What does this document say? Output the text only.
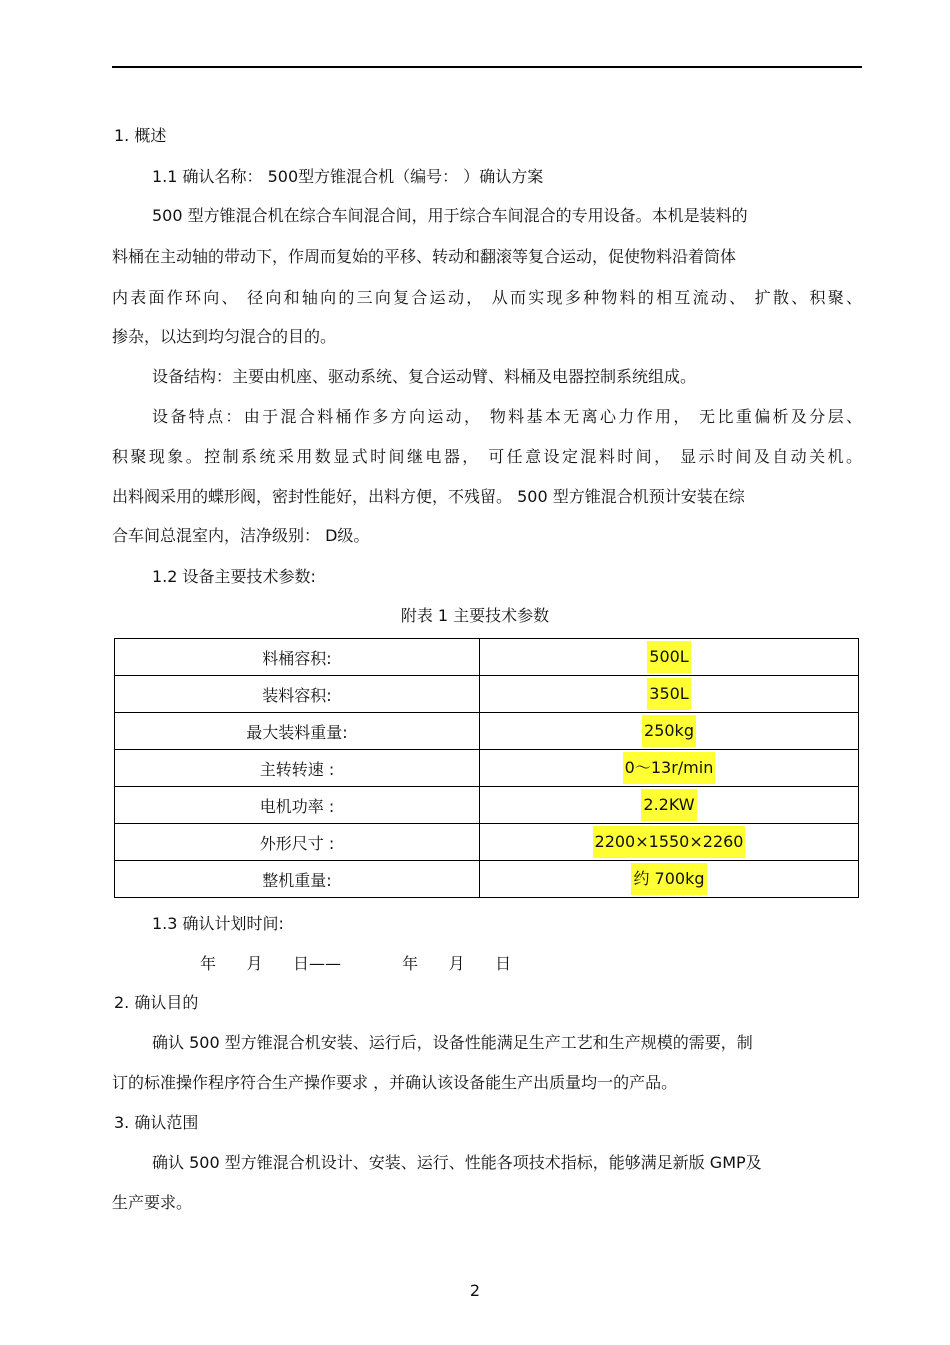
1. 概述
1.1 确认名称： 500型方锥混合机（编号： ）确认方案
500 型方锥混合机在综合车间混合间，用于综合车间混合的专用设备。本机是装料的
料桶在主动轴的带动下，作周而复始的平移、转动和翻滚等复合运动，促使物料沿着筒体
内表面作环向、 径向和轴向的三向复合运动， 从而实现多种物料的相互流动、 扩散、积聚、
掺杂，以达到均匀混合的目的。
设备结构：主要由机座、驱动系统、复合运动臂、料桶及电器控制系统组成。
设备特点：由于混合料桶作多方向运动， 物料基本无离心力作用， 无比重偏析及分层、
积聚现象。控制系统采用数显式时间继电器， 可任意设定混料时间， 显示时间及自动关机。
出料阀采用的蝶形阀，密封性能好，出料方便，不残留。 500 型方锥混合机预计安装在综
合车间总混室内，洁净级别： D级。
1.2 设备主要技术参数:
附表 1 主要技术参数
料桶容积:	500L
装料容积:	350L
最大装料重量:	250kg
主转转速 :	0～13r/min
电机功率 :	2.2KW
外形尺寸 :	2200×1550×2260
整机重量:	约 700kg
1.3 确认计划时间:
年      月      日——            年      月      日
2. 确认目的
确认 500 型方锥混合机安装、运行后，设备性能满足生产工艺和生产规模的需要，制
订的标准操作程序符合生产操作要求 ，并确认该设备能生产出质量均一的产品。
3. 确认范围
确认 500 型方锥混合机设计、安装、运行、性能各项技术指标，能够满足新版 GMP及
生产要求。
2
